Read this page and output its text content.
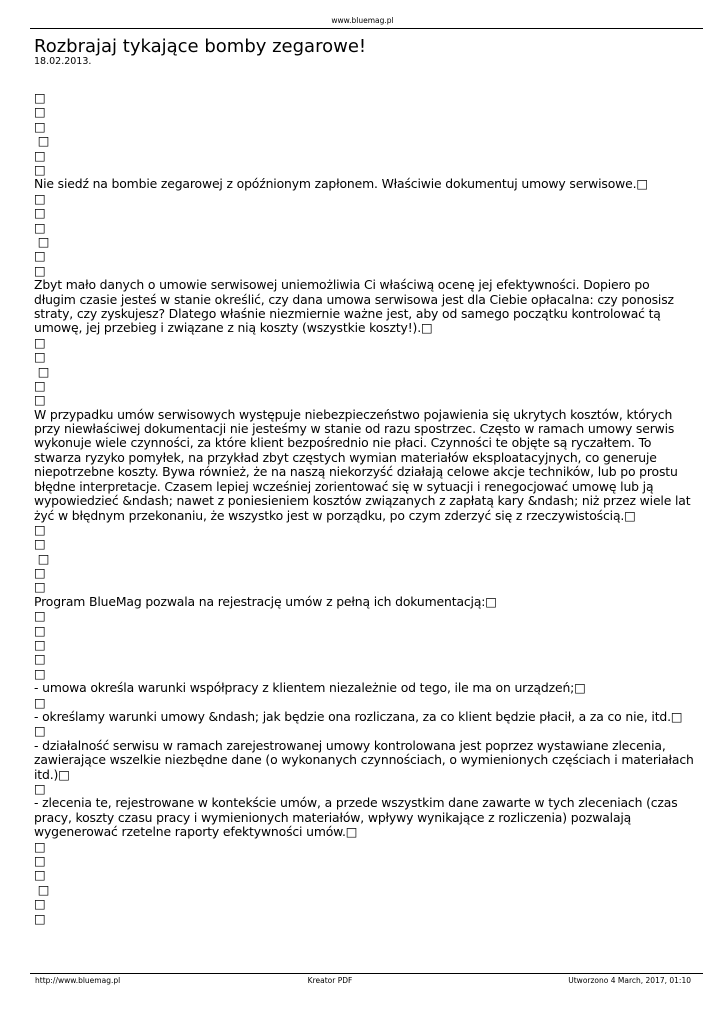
www.bluemag.pl
Rozbrajaj tykające bomby zegarowe!
18.02.2013.
□
□
□
□
□
□
Nie siedź na bombie zegarowej z opóźnionym zapłonem. Właściwie dokumentuj umowy serwisowe.□
□
□
□
□
□
□
Zbyt mało danych o umowie serwisowej uniemożliwia Ci właściwą ocenę jej efektywności. Dopiero po długim czasie jesteś w stanie określić, czy dana umowa serwisowa jest dla Ciebie opłacalna: czy ponosisz straty, czy zyskujesz? Dlatego właśnie niezmiernie ważne jest, aby od samego początku kontrolować tą umowę, jej przebieg i związane z nią koszty (wszystkie koszty!).□
□
□
□
□
□
W przypadku umów serwisowych występuje niebezpieczeństwo pojawienia się ukrytych kosztów, których przy niewłaściwej dokumentacji nie jesteśmy w stanie od razu spostrzec. Często w ramach umowy serwis wykonuje wiele czynności, za które klient bezpośrednio nie płaci. Czynności te objęte są ryczałtem. To stwarza ryzyko pomyłek, na przykład zbyt częstych wymian materiałów eksploatacyjnych, co generuje niepotrzebne koszty. Bywa również, że na naszą niekorzyść działają celowe akcje techników, lub po prostu błędne interpretacje. Czasem lepiej wcześniej zorientować się w sytuacji i renegocjować umowę lub ją wypowiedzieć &ndash; nawet z poniesieniem kosztów związanych z zapłatą kary &ndash; niż przez wiele lat żyć w błędnym przekonaniu, że wszystko jest w porządku, po czym zderzyć się z rzeczywistością.□
□
□
□
□
□
Program BlueMag pozwala na rejestrację umów z pełną ich dokumentacją:□
□
□
□
□
□
- umowa określa warunki współpracy z klientem niezależnie od tego, ile ma on urządzeń;□
□
- określamy warunki umowy &ndash; jak będzie ona rozliczana, za co klient będzie płacił, a za co nie, itd.□
□
- działalność serwisu w ramach zarejestrowanej umowy kontrolowana jest poprzez wystawiane zlecenia, zawierające wszelkie niezbędne dane (o wykonanych czynnościach, o wymienionych częściach i materiałach itd.)□
□
- zlecenia te, rejestrowane w kontekście umów, a przede wszystkim dane zawarte w tych zleceniach (czas pracy, koszty czasu pracy i wymienionych materiałów, wpływy wynikające z rozliczenia) pozwalają wygenerować rzetelne raporty efektywności umów.□
□
□
□
□
□
□
http://www.bluemag.pl	Kreator PDF	Utworzono 4 March, 2017, 01:10
